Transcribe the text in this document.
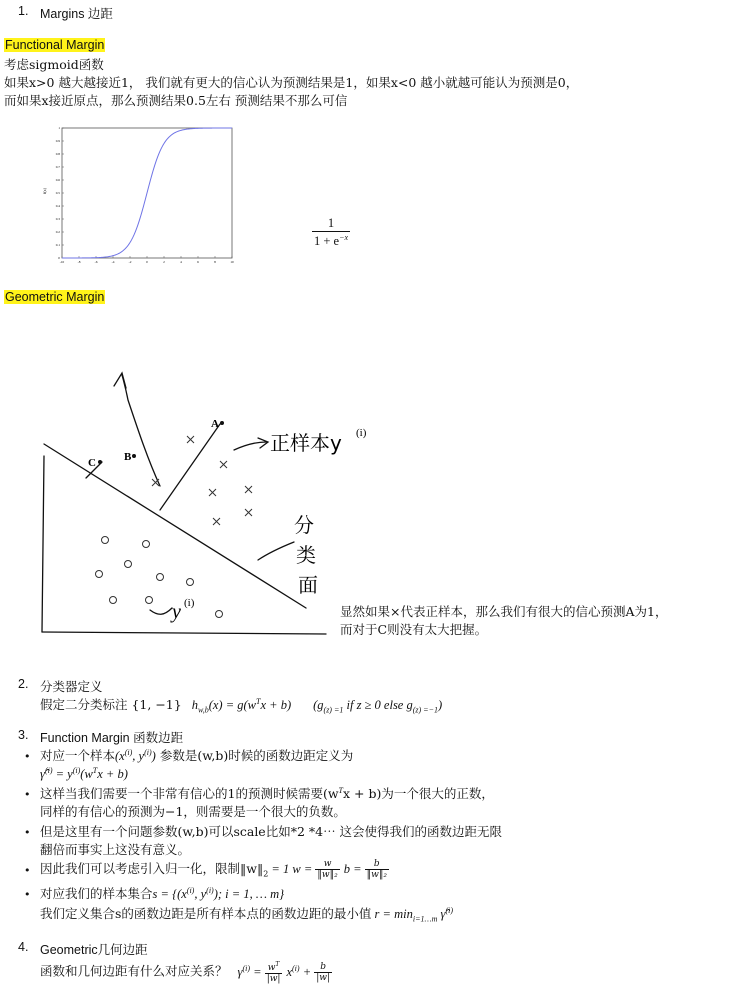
1. Margins 边距
Functional Margin
考虑sigmoid函数
如果x>0 越大越接近1， 我们就有更大的信心认为预测结果是1，如果x<0 越小就越可能认为预测是0，
而如果x接近原点，那么预测结果0.5左右 预测结果不那么可信
0
0.1
0.2
0.3
0.4
0.5
0.6
0.7
0.8
0.9
1
-10	-8	-6	-4	-2	0	2	4	6	8	10
f(x)
1
$1 + e^{-x}$
Geometric Margin
A
B
C
正样本y (i)
分
类
面
y (i)
显然如果×代表正样本，那么我们有很大的信心预测A为1，
而对于C则没有太大把握。
2. 分类器定义
假定二分类标注 {1, −1} $h_{w,b}(x) = g(w^Tx + b)$ ($g_{(z) =1}$ if z ≥ 0 else $g_{(z) =-1}$)
3. Function Margin 函数边距
• 对应一个样本($x^{(i)}$, $y^{(i)}$) 参数是(w,b)时候的函数边距定义为
γ̂$^{(i)}$ = $y^{(i)}(w^Tx + b)$
• 这样当我们需要一个非常有信心的1的预测时候需要$(w^Tx + b)$为一个很大的正数，
同样的有信心的预测为−1，则需要是一个很大的负数。
• 但是这里有一个问题参数(w,b)可以scale比如*2 *4⋯ 这会使得我们的函数边距无限
翻倍而事实上这没有意义。
• 因此我们可以考虑引入归一化，限制$‖w‖_2 = 1$ $w = \frac{w}{\text{‖w‖₂}}$ $b = \frac{b}{\text{‖w‖₂}}$
• 对应我们的样本集合$s = \{(x^{(i)}$, $y^{(i)}$); i = 1, … m}
我们定义集合s的函数边距是所有样本点的函数边距的最小值 $r = \min_{i=1\dots m}$ γ̂$^{(i)}$
4. Geometric几何边距
函数和几何边距有什么对应关系？ $\gamma^{(i)} = \frac{w^T}{|w|} x^{(i)} + \frac{b}{|w|}$
